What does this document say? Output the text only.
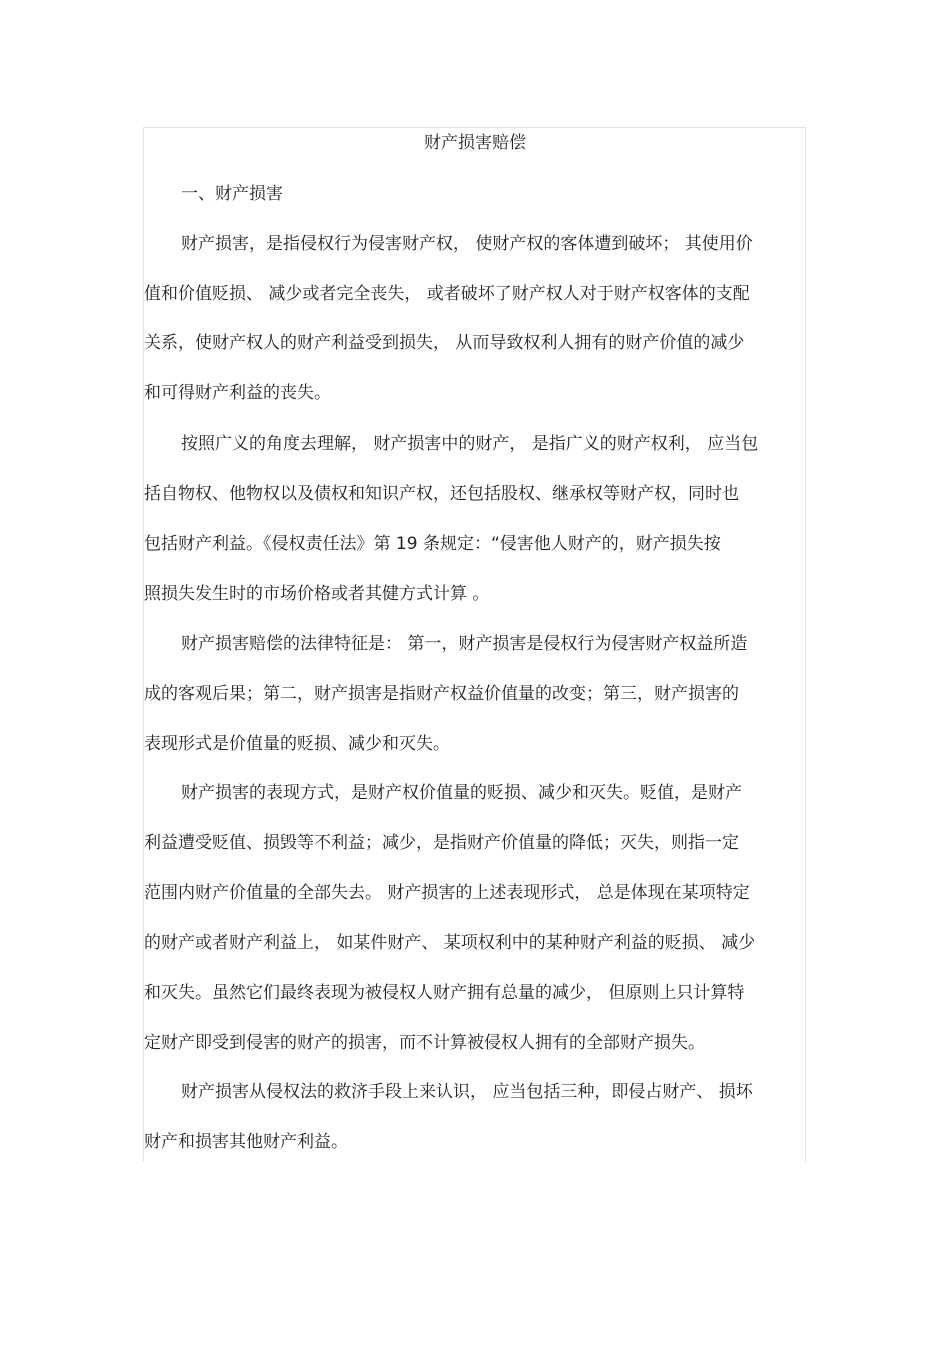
财产损害赔偿
一、财产损害
财产损害，是指侵权行为侵害财产权， 使财产权的客体遭到破坏； 其使用价
值和价值贬损、 减少或者完全丧失， 或者破坏了财产权人对于财产权客体的支配
关系，使财产权人的财产利益受到损失， 从而导致权利人拥有的财产价值的减少
和可得财产利益的丧失。
按照广义的角度去理解， 财产损害中的财产， 是指广义的财产权利， 应当包
括自物权、他物权以及债权和知识产权，还包括股权、继承权等财产权，同时也
包括财产利益。《侵权责任法》第 19 条规定：“侵害他人财产的，财产损失按
照损失发生时的市场价格或者其健方式计算 。
财产损害赔偿的法律特征是： 第一，财产损害是侵权行为侵害财产权益所造
成的客观后果；第二，财产损害是指财产权益价值量的改变；第三，财产损害的
表现形式是价值量的贬损、减少和灭失。
财产损害的表现方式，是财产权价值量的贬损、减少和灭失。贬值，是财产
利益遭受贬值、损毁等不利益；减少，是指财产价值量的降低；灭失，则指一定
范围内财产价值量的全部失去。 财产损害的上述表现形式， 总是体现在某项特定
的财产或者财产利益上， 如某件财产、 某项权利中的某种财产利益的贬损、 减少
和灭失。虽然它们最终表现为被侵权人财产拥有总量的减少， 但原则上只计算特
定财产即受到侵害的财产的损害，而不计算被侵权人拥有的全部财产损失。
财产损害从侵权法的救济手段上来认识， 应当包括三种，即侵占财产、 损坏
财产和损害其他财产利益。
